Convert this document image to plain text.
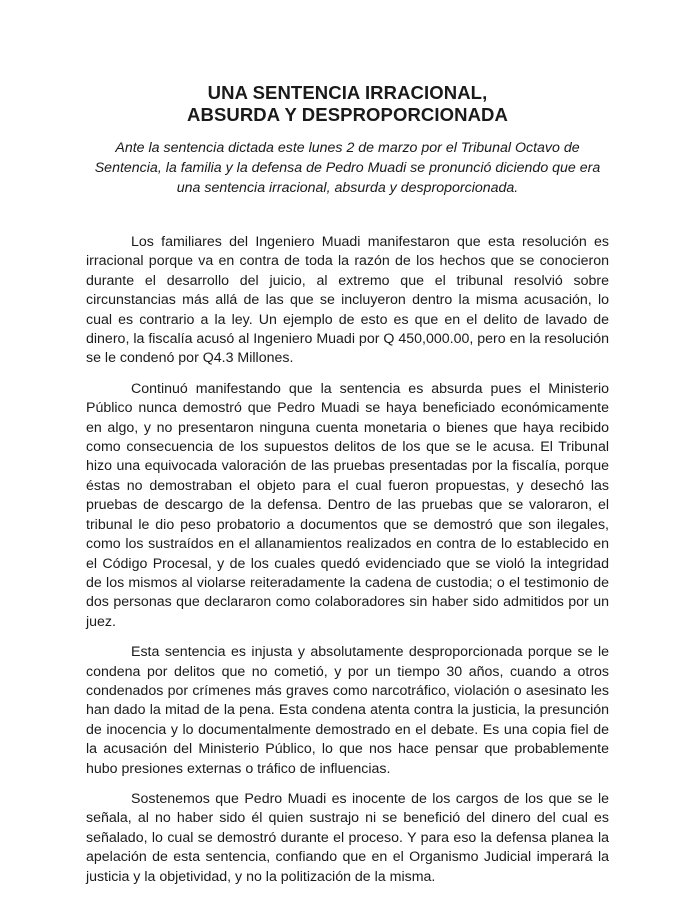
UNA SENTENCIA IRRACIONAL,
ABSURDA Y DESPROPORCIONADA

Ante la sentencia dictada este lunes 2 de marzo por el Tribunal Octavo de Sentencia, la familia y la defensa de Pedro Muadi se pronunció diciendo que era una sentencia irracional, absurda y desproporcionada.

Los familiares del Ingeniero Muadi manifestaron que esta resolución es irracional porque va en contra de toda la razón de los hechos que se conocieron durante el desarrollo del juicio, al extremo que el tribunal resolvió sobre circunstancias más allá de las que se incluyeron dentro la misma acusación, lo cual es contrario a la ley. Un ejemplo de esto es que en el delito de lavado de dinero, la fiscalía acusó al Ingeniero Muadi por Q 450,000.00, pero en la resolución se le condenó por Q4.3 Millones.

Continuó manifestando que la sentencia es absurda pues el Ministerio Público nunca demostró que Pedro Muadi se haya beneficiado económicamente en algo, y no presentaron ninguna cuenta monetaria o bienes que haya recibido como consecuencia de los supuestos delitos de los que se le acusa. El Tribunal hizo una equivocada valoración de las pruebas presentadas por la fiscalía, porque éstas no demostraban el objeto para el cual fueron propuestas, y desechó las pruebas de descargo de la defensa. Dentro de las pruebas que se valoraron, el tribunal le dio peso probatorio a documentos que se demostró que son ilegales, como los sustraídos en el allanamientos realizados en contra de lo establecido en el Código Procesal, y de los cuales quedó evidenciado que se violó la integridad de los mismos al violarse reiteradamente la cadena de custodia; o el testimonio de dos personas que declararon como colaboradores sin haber sido admitidos por un juez.

Esta sentencia es injusta y absolutamente desproporcionada porque se le condena por delitos que no cometió, y por un tiempo 30 años, cuando a otros condenados por crímenes más graves como narcotráfico, violación o asesinato les han dado la mitad de la pena. Esta condena atenta contra la justicia, la presunción de inocencia y lo documentalmente demostrado en el debate. Es una copia fiel de la acusación del Ministerio Público, lo que nos hace pensar que probablemente hubo presiones externas o tráfico de influencias.

Sostenemos que Pedro Muadi es inocente de los cargos de los que se le señala, al no haber sido él quien sustrajo ni se benefició del dinero del cual es señalado, lo cual se demostró durante el proceso. Y para eso la defensa planea la apelación de esta sentencia, confiando que en el Organismo Judicial imperará la justicia y la objetividad, y no la politización de la misma.
